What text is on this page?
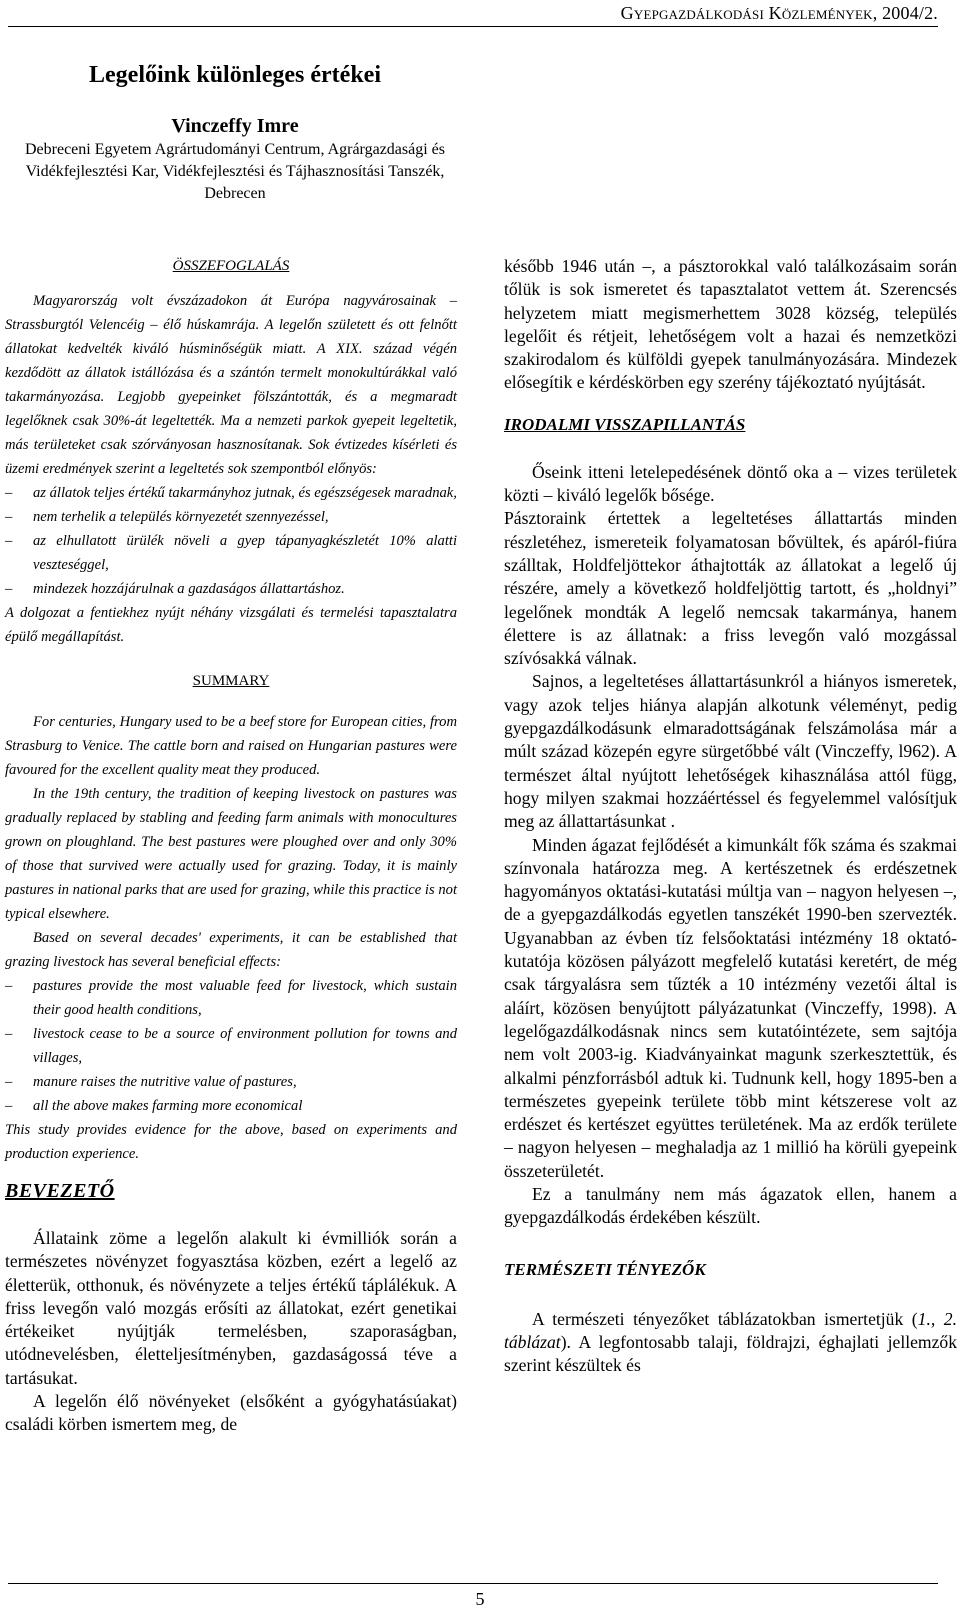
Gyepgazdálkodási Közlemények, 2004/2.
Legelőink különleges értékei

Vinczeffy Imre

Debreceni Egyetem Agrártudományi Centrum, Agrárgazdasági és

Vidékfejlesztési Kar, Vidékfejlesztési és Tájhasznosítási Tanszék,

Debrecen

ÖSSZEFOGLALÁS

Magyarország volt évszázadokon át Európa nagyvárosainak – Strassburgtól Velencéig – élő húskamrája. A legelőn született és ott felnőtt állatokat kedvelték kiváló húsminőségük miatt. A XIX. század végén kezdődött az állatok istállózása és a szántón termelt monokultúrákkal való takarmányozása. Legjobb gyepeinket fölszántották, és a megmaradt legelőknek csak 30%-át legeltették. Ma a nemzeti parkok gyepeit legeltetik, más területeket csak szórványosan hasznosítanak. Sok évtizedes kísérleti és üzemi eredmények szerint a legeltetés sok szempontból előnyös:

– az állatok teljes értékű takarmányhoz jutnak, és egészségesek maradnak,

– nem terhelik a település környezetét szennyezéssel,

– az elhullatott ürülék növeli a gyep tápanyagkészletét 10% alatti veszteséggel,

– mindezek hozzájárulnak a gazdaságos állattartáshoz.

A dolgozat a fentiekhez nyújt néhány vizsgálati és termelési tapasztalatra épülő megállapítást.

SUMMARY

For centuries, Hungary used to be a beef store for European cities, from Strasburg to Venice. The cattle born and raised on Hungarian pastures were favoured for the excellent quality meat they produced.

In the 19th century, the tradition of keeping livestock on pastures was gradually replaced by stabling and feeding farm animals with monocultures grown on ploughland. The best pastures were ploughed over and only 30% of those that survived were actually used for grazing. Today, it is mainly pastures in national parks that are used for grazing, while this practice is not typical elsewhere.

Based on several decades' experiments, it can be established that grazing livestock has several beneficial effects:

– pastures provide the most valuable feed for livestock, which sustain their good health conditions,

– livestock cease to be a source of environment pollution for towns and villages,

– manure raises the nutritive value of pastures,

– all the above makes farming more economical

This study provides evidence for the above, based on experiments and production experience.

BEVEZETŐ

Állataink zöme a legelőn alakult ki évmilliók során a természetes növényzet fogyasztása közben, ezért a legelő az életterük, otthonuk, és növényzete a teljes értékű táplálékuk. A friss levegőn való mozgás erősíti az állatokat, ezért genetikai értékeiket nyújtják termelésben, szaporaságban, utódnevelésben, életteljesítményben, gazdaságossá téve a tartásukat.

A legelőn élő növényeket (elsőként a gyógyhatásúakat) családi körben ismertem meg, de

később 1946 után –, a pásztorokkal való találkozásaim során tőlük is sok ismeretet és tapasztalatot vettem át. Szerencsés helyzetem miatt megismerhettem 3028 község, település legelőit és rétjeit, lehetőségem volt a hazai és nemzetközi szakirodalom és külföldi gyepek tanulmányozására. Mindezek elősegítik e kérdéskörben egy szerény tájékoztató nyújtását.

IRODALMI VISSZAPILLANTÁS

Őseink itteni letelepedésének döntő oka a – vizes területek közti – kiváló legelők bősége.

Pásztoraink értettek a legeltetéses állattartás minden részletéhez, ismereteik folyamatosan bővültek, és apáról-fiúra szálltak, Holdfeljöttekor áthajtották az állatokat a legelő új részére, amely a következő holdfeljöttig tartott, és „holdnyi” legelőnek mondták A legelő nemcsak takarmánya, hanem élettere is az állatnak: a friss levegőn való mozgással szívósakká válnak.

Sajnos, a legeltetéses állattartásunkról a hiányos ismeretek, vagy azok teljes hiánya alapján alkotunk véleményt, pedig gyepgazdálkodásunk elmaradottságának felszámolása már a múlt század közepén egyre sürgetőbbé vált (Vinczeffy, l962). A természet által nyújtott lehetőségek kihasználása attól függ, hogy milyen szakmai hozzáértéssel és fegyelemmel valósítjuk meg az állattartásunkat .

Minden ágazat fejlődését a kimunkált fők száma és szakmai színvonala határozza meg. A kertészetnek és erdészetnek hagyományos oktatási-kutatási múltja van – nagyon helyesen –, de a gyepgazdálkodás egyetlen tanszékét 1990-ben szervezték. Ugyanabban az évben tíz felsőoktatási intézmény 18 oktató-kutatója közösen pályázott megfelelő kutatási keretért, de még csak tárgyalásra sem tűzték a 10 intézmény vezetői által is aláírt, közösen benyújtott pályázatunkat (Vinczeffy, 1998). A legelőgazdálkodásnak nincs sem kutatóintézete, sem sajtója nem volt 2003-ig. Kiadványainkat magunk szerkesztettük, és alkalmi pénzforrásból adtuk ki. Tudnunk kell, hogy 1895-ben a természetes gyepeink területe több mint kétszerese volt az erdészet és kertészet együttes területének. Ma az erdők területe – nagyon helyesen – meghaladja az 1 millió ha körüli gyepeink összeterületét.

Ez a tanulmány nem más ágazatok ellen, hanem a gyepgazdálkodás érdekében készült.

TERMÉSZETI TÉNYEZŐK

A természeti tényezőket táblázatokban ismertetjük (1., 2. táblázat). A legfontosabb talaji, földrajzi, éghajlati jellemzők szerint készültek és

5
